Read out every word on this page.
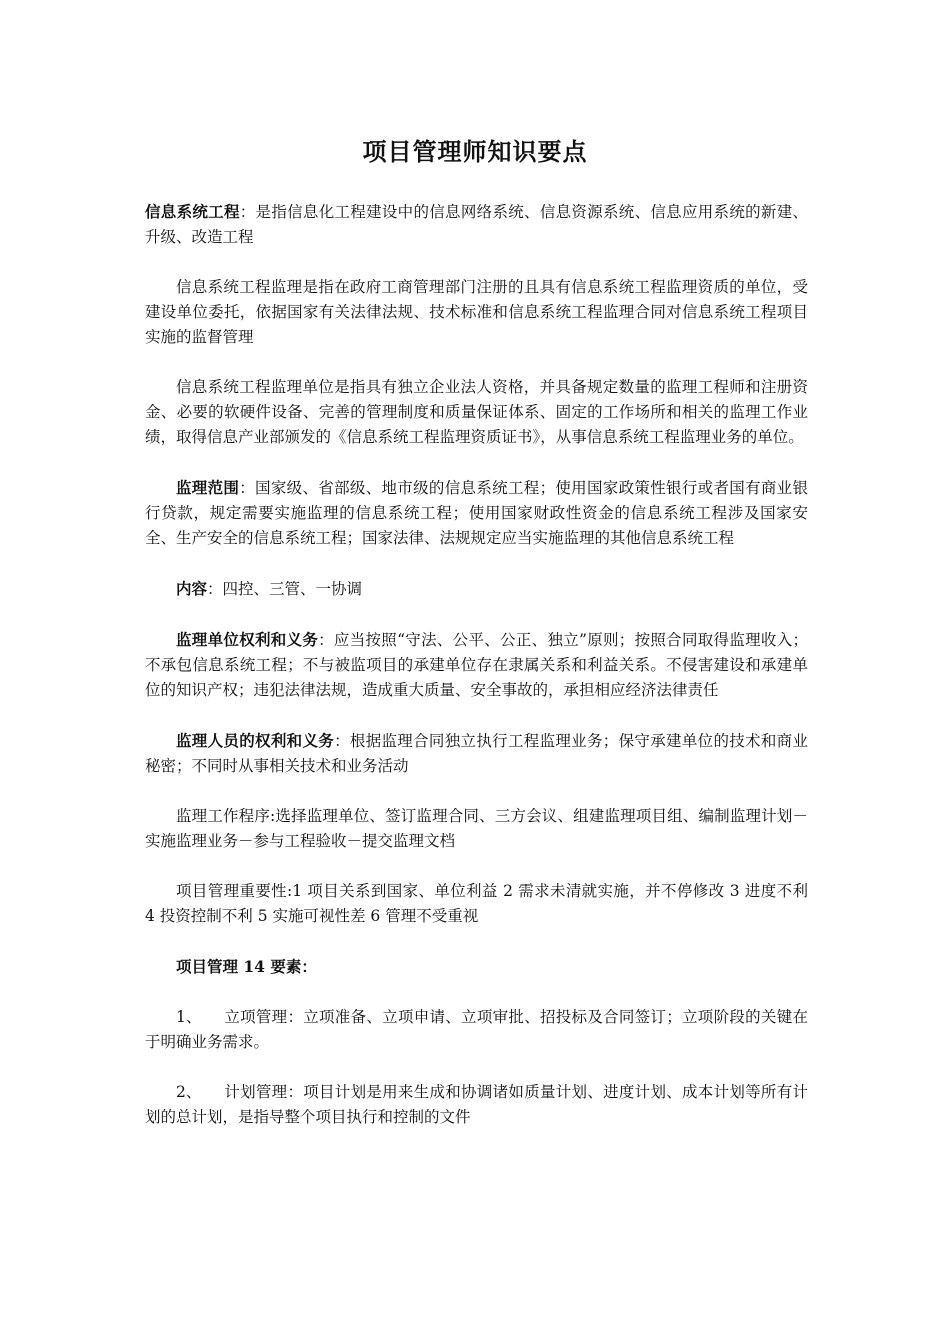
项目管理师知识要点

信息系统工程：是指信息化工程建设中的信息网络系统、信息资源系统、信息应用系统的新建、升级、改造工程

信息系统工程监理是指在政府工商管理部门注册的且具有信息系统工程监理资质的单位，受建设单位委托，依据国家有关法律法规、技术标准和信息系统工程监理合同对信息系统工程项目实施的监督管理

信息系统工程监理单位是指具有独立企业法人资格，并具备规定数量的监理工程师和注册资金、必要的软硬件设备、完善的管理制度和质量保证体系、固定的工作场所和相关的监理工作业绩，取得信息产业部颁发的《信息系统工程监理资质证书》，从事信息系统工程监理业务的单位。

监理范围：国家级、省部级、地市级的信息系统工程；使用国家政策性银行或者国有商业银行贷款，规定需要实施监理的信息系统工程；使用国家财政性资金的信息系统工程涉及国家安全、生产安全的信息系统工程；国家法律、法规规定应当实施监理的其他信息系统工程

内容：四控、三管、一协调

监理单位权利和义务：应当按照“守法、公平、公正、独立”原则；按照合同取得监理收入；不承包信息系统工程；不与被监项目的承建单位存在隶属关系和利益关系。不侵害建设和承建单位的知识产权；违犯法律法规，造成重大质量、安全事故的，承担相应经济法律责任

监理人员的权利和义务：根据监理合同独立执行工程监理业务；保守承建单位的技术和商业秘密；不同时从事相关技术和业务活动

监理工作程序:选择监理单位、签订监理合同、三方会议、组建监理项目组、编制监理计划－实施监理业务－参与工程验收－提交监理文档

项目管理重要性:1 项目关系到国家、单位利益 2 需求未清就实施，并不停修改 3 进度不利 4 投资控制不利 5 实施可视性差 6 管理不受重视

项目管理 14 要素：

1、 立项管理：立项准备、立项申请、立项审批、招投标及合同签订；立项阶段的关键在于明确业务需求。

2、 计划管理：项目计划是用来生成和协调诸如质量计划、进度计划、成本计划等所有计划的总计划，是指导整个项目执行和控制的文件
